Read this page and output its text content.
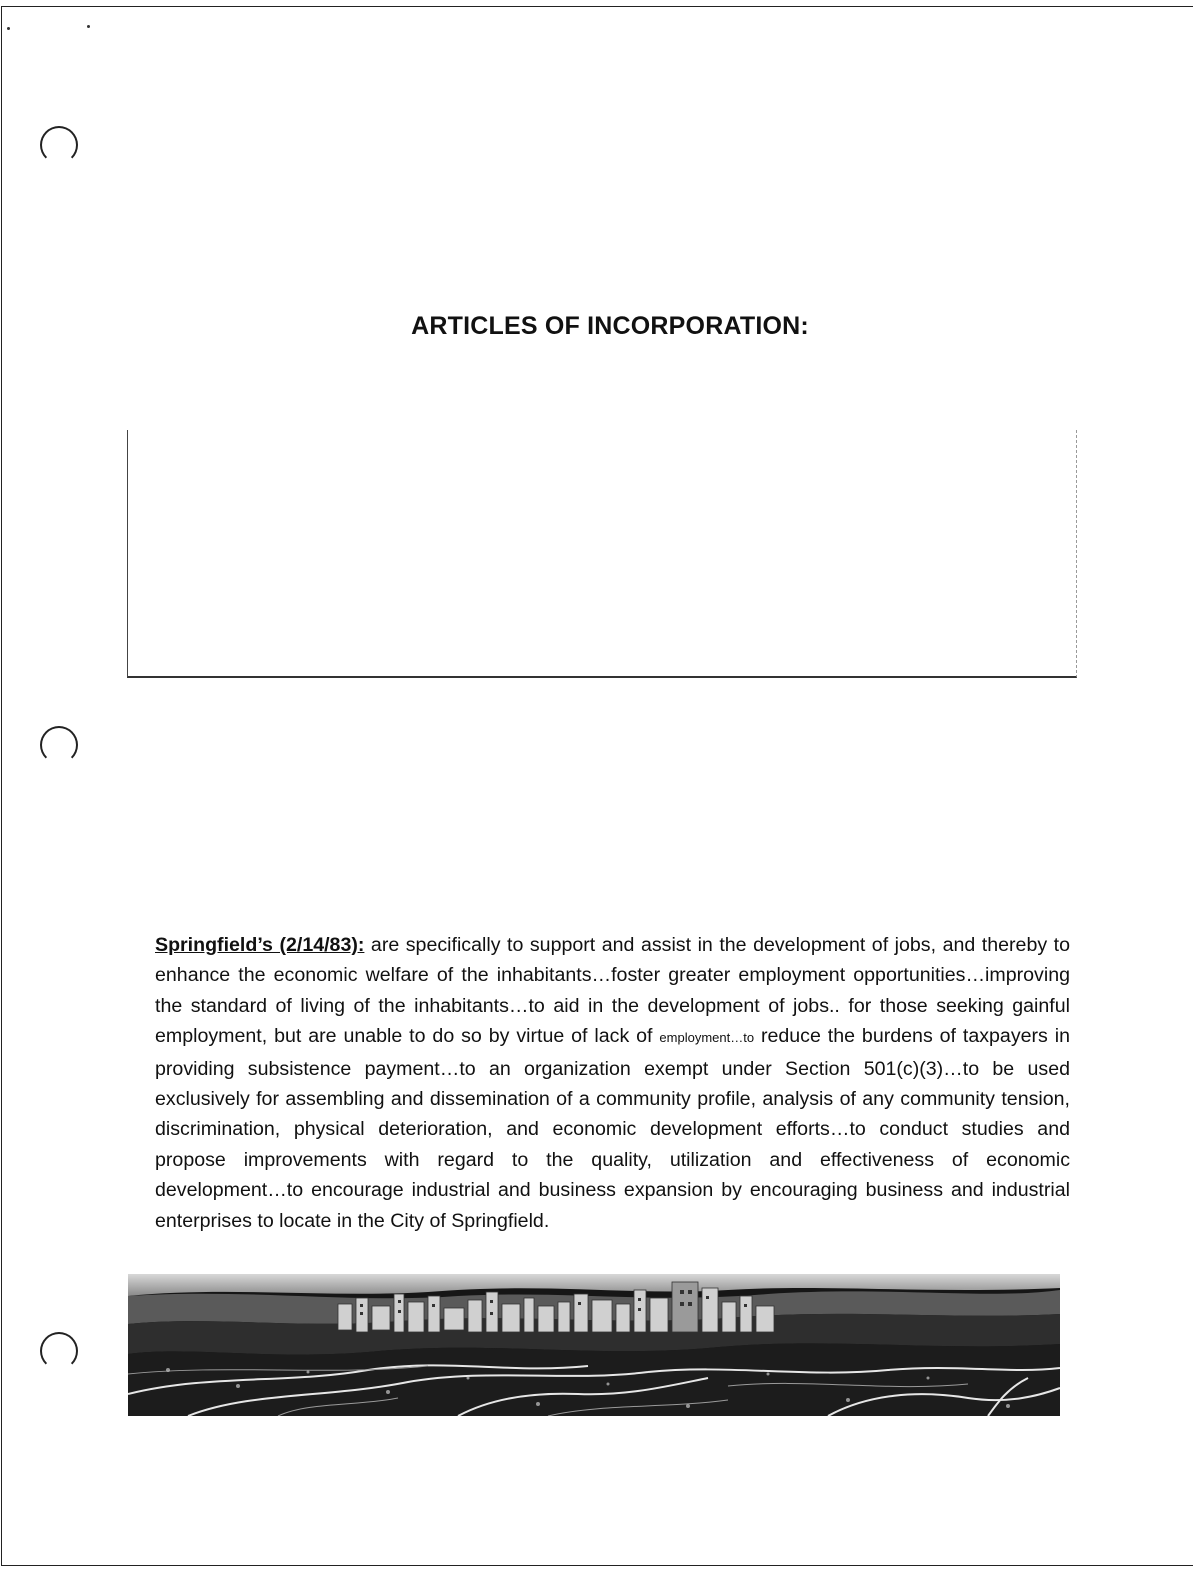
ARTICLES OF INCORPORATION:

Springfield’s (2/14/83): are specifically to support and assist in the development of jobs, and thereby to enhance the economic welfare of the inhabitants…foster greater employment opportunities…improving the standard of living of the inhabitants…to aid in the development of jobs.. for those seeking gainful employment, but are unable to do so by virtue of lack of employment…to reduce the burdens of taxpayers in providing subsistence payment…to an organization exempt under Section 501(c)(3)…to be used exclusively for assembling and dissemination of a community profile, analysis of any community tension, discrimination, physical deterioration, and economic development efforts…to conduct studies and propose improvements with regard to the quality, utilization and effectiveness of economic development…to encourage industrial and business expansion by encouraging business and industrial enterprises to locate in the City of Springfield.
